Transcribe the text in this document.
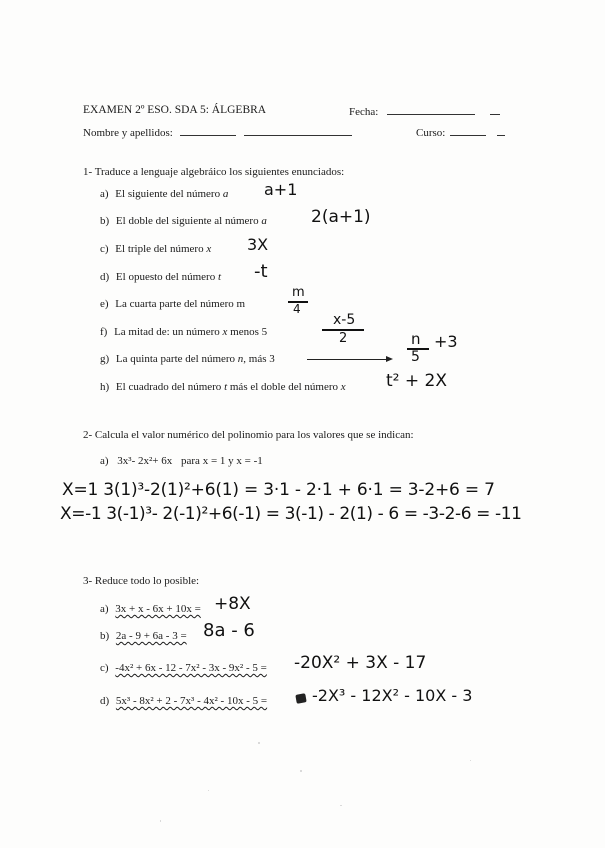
EXAMEN 2º ESO. SDA 5: ÁLGEBRA	Fecha:
Nombre y apellidos:	Curso:
1- Traduce a lenguaje algebráico los siguientes enunciados:
a) El siguiente del número a a+1
b) El doble del siguiente al número a	2(a+1)
c) El triple del número x 3X
d) El opuesto del número t -t
e) La cuarta parte del número m
m
4
f) La mitad de: un número x menos 5
x-5
2
g) La quinta parte del número n, más 3
n
5
+3
h) El cuadrado del número t más el doble del número x t² + 2X
2- Calcula el valor numérico del polinomio para los valores que se indican:
a) 3x³- 2x²+ 6x para x = 1 y x = -1
X=1 3(1)³-2(1)²+6(1) = 3·1 - 2·1 + 6·1 = 3-2+6 = 7
X=-1 3(-1)³- 2(-1)²+6(-1) = 3(-1) - 2(1) - 6 = -3-2-6 = -11
3- Reduce todo lo posible:
a) 3x + x - 6x + 10x = +8X
b) 2a - 9 + 6a - 3 = 8a - 6
c) -4x² + 6x - 12 - 7x² - 3x - 9x² - 5 = -20X² + 3X - 17
d) 5x³ - 8x² + 2 - 7x³ - 4x² - 10x - 5 =	-2X³ - 12X² - 10X - 3
